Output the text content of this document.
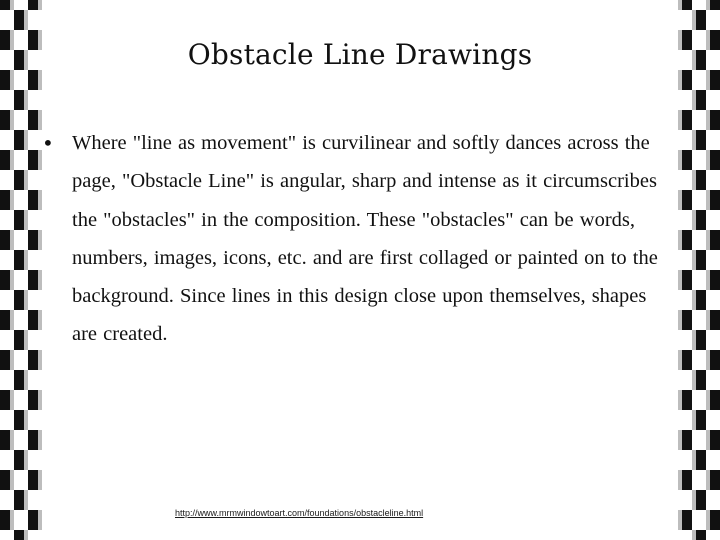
Obstacle Line Drawings
• Where "line as movement" is curvilinear and softly dances across the page, "Obstacle Line" is angular, sharp and intense as it circumscribes the "obstacles" in the composition. These "obstacles" can be words, numbers, images, icons, etc. and are first collaged or painted on to the background. Since lines in this design close upon themselves, shapes are created.

http://www.mrmwindowtoart.com/foundations/obstacleline.html
